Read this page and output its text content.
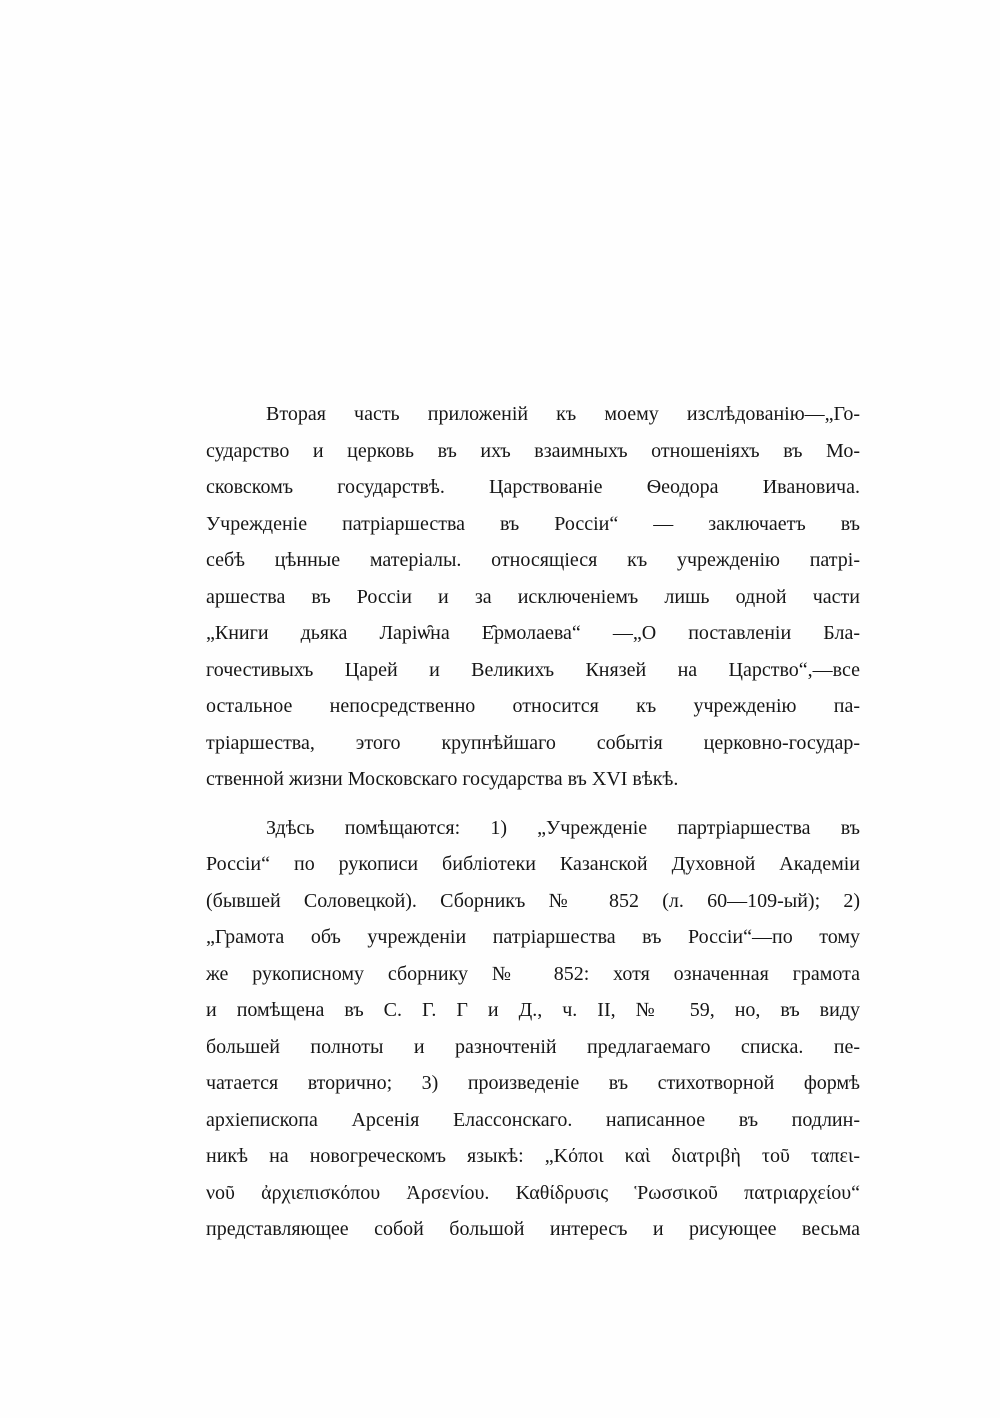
Вторая часть приложеній къ моему изслѣдованію—„Го-
сударство и церковь въ ихъ взаимныхъ отношеніяхъ въ Мо-
сковскомъ государствѣ. Царствованіе Ѳеодора Ивановича.
Учрежденіе патріаршества въ Россіи“ — заключаетъ въ
себѣ цѣнные матеріалы. относящіеся къ учрежденію патрі-
аршества въ Россіи и за исключеніемъ лишь одной части
„Книги дьяка Ларіѡ̑на Е̑рмолаева“ —„О поставленіи Бла-
гочестивыхъ Царей и Великихъ Князей на Царство“,—все
остальное непосредственно относится къ учрежденію па-
тріаршества, этого крупнѣйшаго событія церковно-государ-
ственной жизни Московскаго государства въ XVI вѣкѣ.
Здѣсь помѣщаются: 1) „Учрежденіе партріаршества въ
Россіи“ по рукописи библіотеки Казанской Духовной Академіи
(бывшей Соловецкой). Сборникъ № 852 (л. 60—109-ый); 2)
„Грамота объ учрежденіи патріаршества въ Россіи“—по тому
же рукописному сборнику № 852: хотя означенная грамота
и помѣщена въ С. Г. Г и Д., ч. II, № 59, но, въ виду
большей полноты и разночтеній предлагаемаго списка. пе-
чатается вторично; 3) произведеніе въ стихотворной формѣ
архіепископа Арсенія Елассонскаго. написанное въ подлин-
никѣ на новогреческомъ языкѣ: „Κόποι καὶ διατριβὴ τοῦ ταπει-
νοῦ ἀρχιεπισκόπου Ἀρσενίου. Καθίδρυσις Ῥωσσικοῦ πατριαρχείου“
представляющее собой большой интересъ и рисующее весьма
